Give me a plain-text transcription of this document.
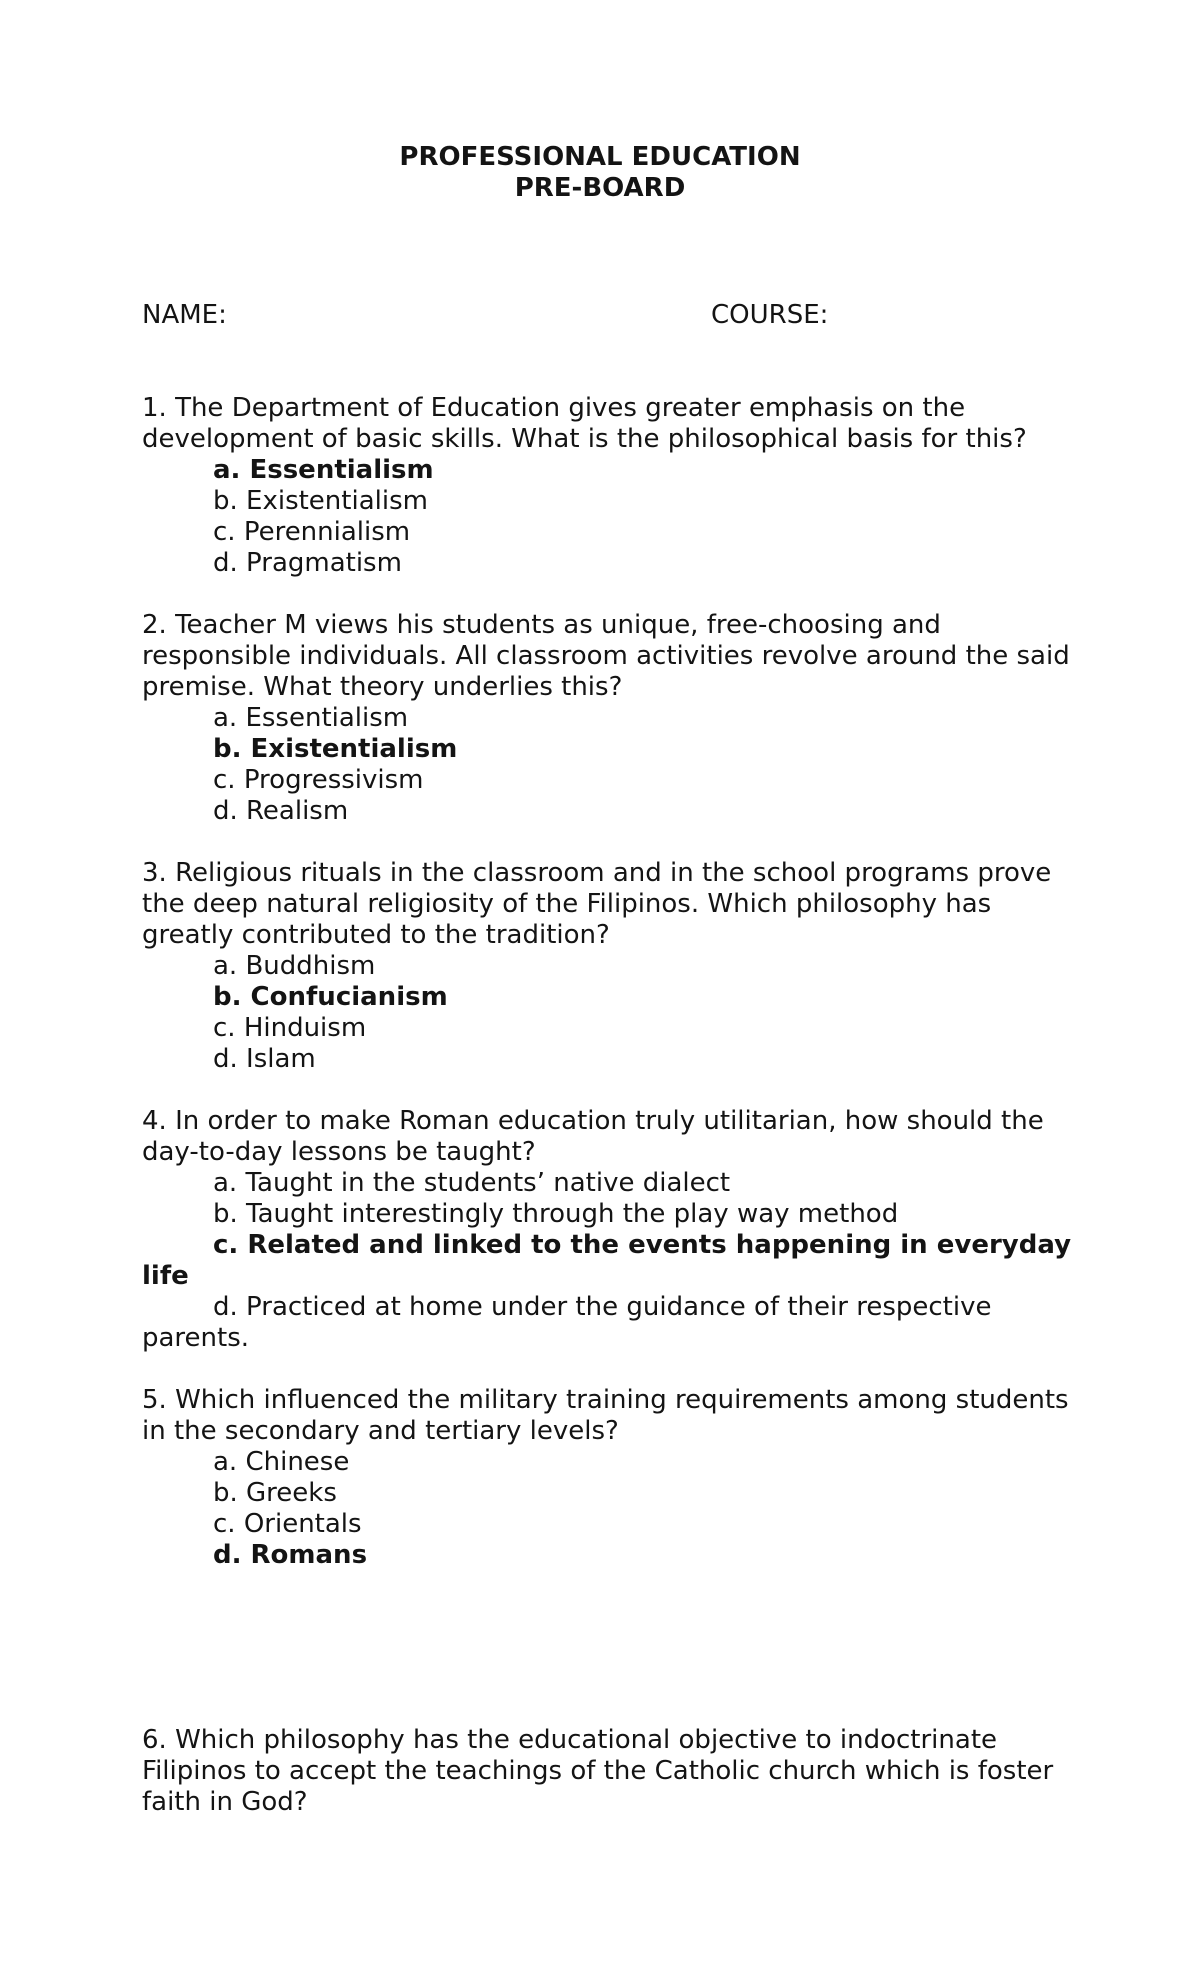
PROFESSIONAL EDUCATION
PRE-BOARD
NAME:	COURSE:

1. The Department of Education gives greater emphasis on the development of basic skills. What is the philosophical basis for this?

a. Essentialism

b. Existentialism

c. Perennialism

d. Pragmatism

2. Teacher M views his students as unique, free-choosing and responsible individuals. All classroom activities revolve around the said premise. What theory underlies this?

a. Essentialism

b. Existentialism

c. Progressivism

d. Realism

3. Religious rituals in the classroom and in the school programs prove the deep natural religiosity of the Filipinos. Which philosophy has greatly contributed to the tradition?

a. Buddhism

b. Confucianism

c. Hinduism

d. Islam

4. In order to make Roman education truly utilitarian, how should the day-to-day lessons be taught?

a. Taught in the students’ native dialect

b. Taught interestingly through the play way method

c. Related and linked to the events happening in everyday life

d. Practiced at home under the guidance of their respective parents.

5. Which influenced the military training requirements among students in the secondary and tertiary levels?

a. Chinese

b. Greeks

c. Orientals

d. Romans

6. Which philosophy has the educational objective to indoctrinate Filipinos to accept the teachings of the Catholic church which is foster faith in God?
